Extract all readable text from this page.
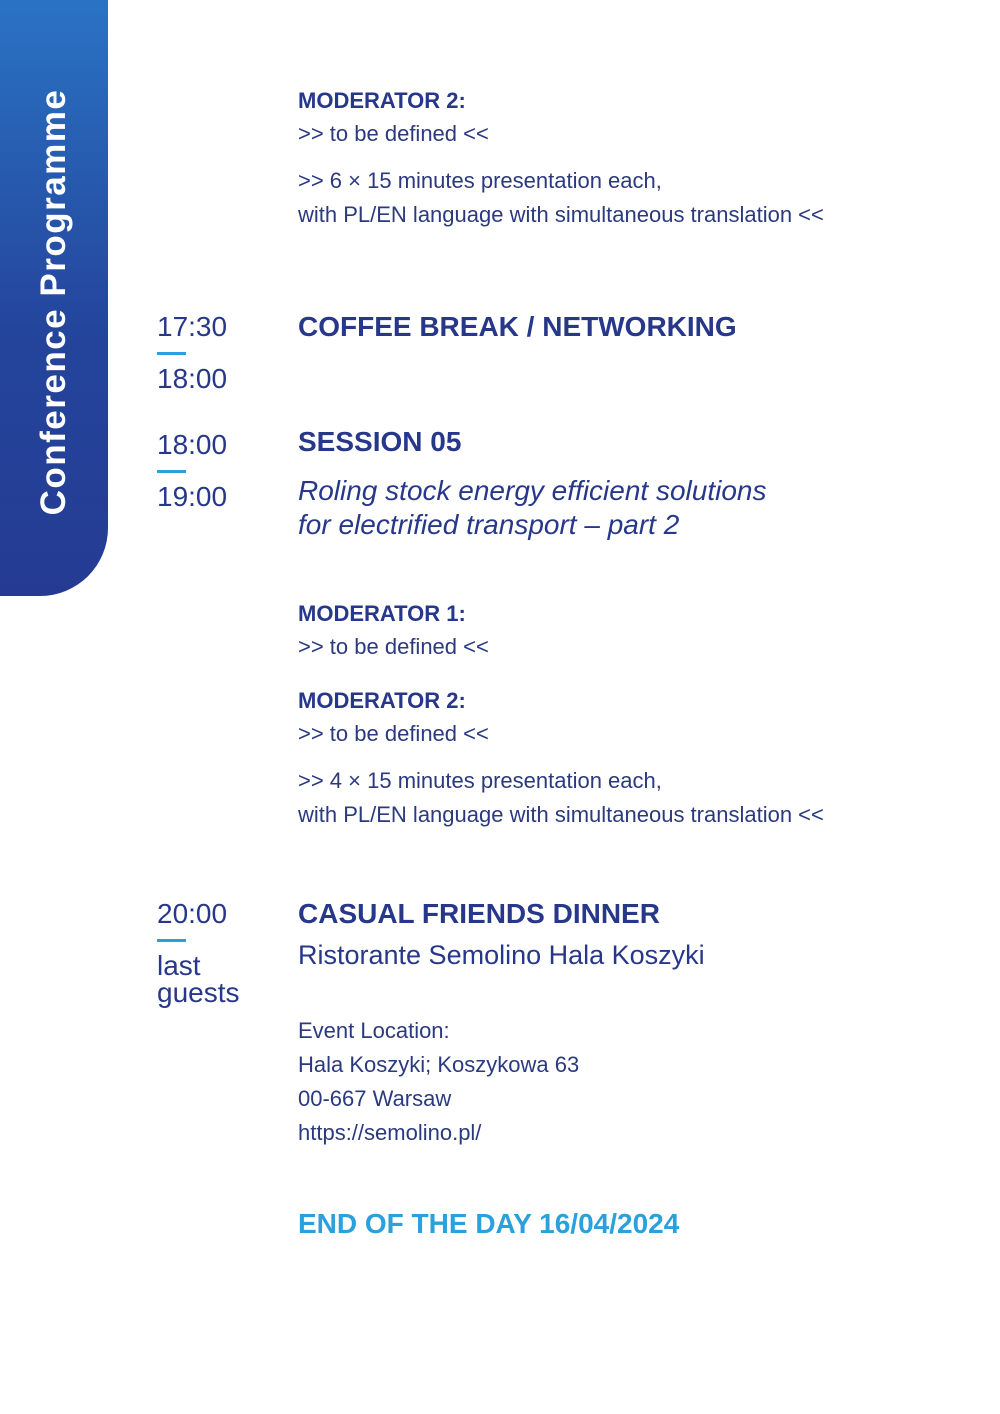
Conference Programme	MODERATOR 2:
>> to be defined <<
>> 6 × 15 minutes presentation each,
with PL/EN language with simultaneous translation <<
17:30
18:00
COFFEE BREAK / NETWORKING
18:00
19:00
SESSION 05
Roling stock energy efficient solutions
for electrified transport – part 2
MODERATOR 1:
>> to be defined <<
MODERATOR 2:
>> to be defined <<
>> 4 × 15 minutes presentation each,
with PL/EN language with simultaneous translation <<
20:00
last
guests
CASUAL FRIENDS DINNER
Ristorante Semolino Hala Koszyki
Event Location:
Hala Koszyki; Koszykowa 63
00-667 Warsaw
https://semolino.pl/
END OF THE DAY 16/04/2024
